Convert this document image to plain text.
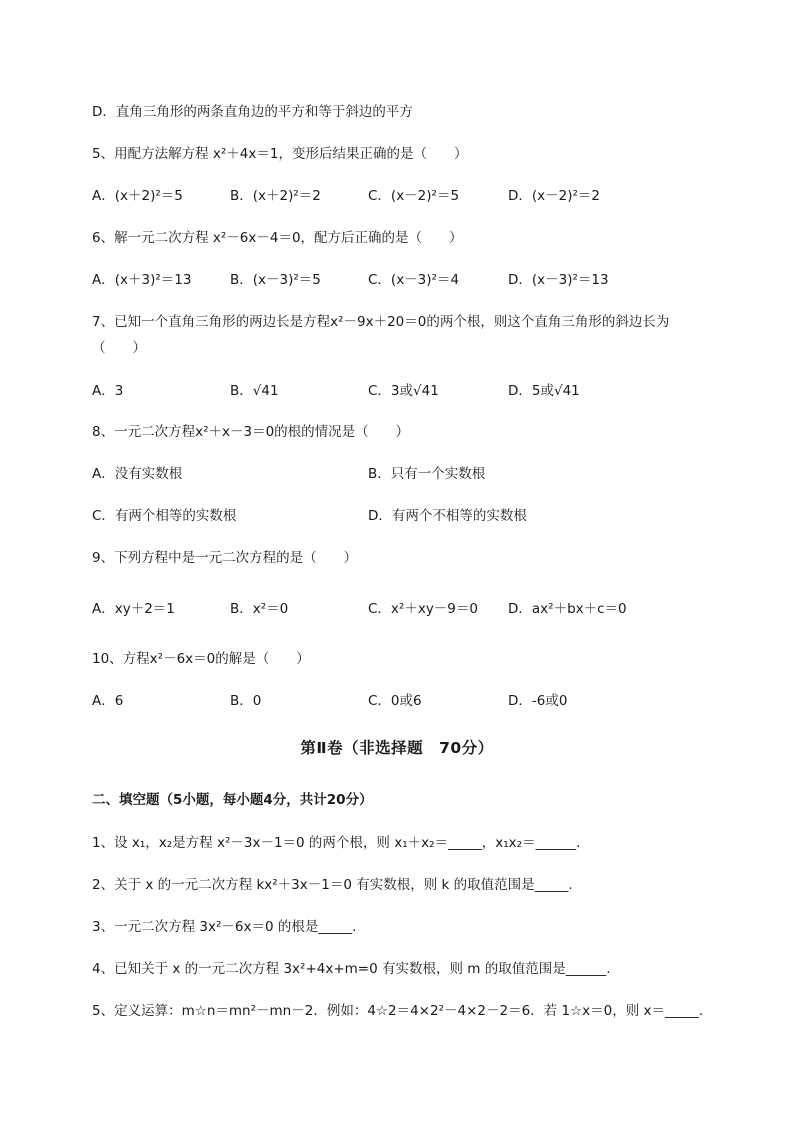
D．直角三角形的两条直角边的平方和等于斜边的平方
5、用配方法解方程 x²＋4x＝1，变形后结果正确的是（　　）
A．(x＋2)²＝5	B．(x＋2)²＝2	C．(x－2)²＝5	D．(x－2)²＝2
6、解一元二次方程 x²－6x－4＝0，配方后正确的是（　　）
A．(x＋3)²＝13	B．(x－3)²＝5	C．(x－3)²＝4	D．(x－3)²＝13
7、已知一个直角三角形的两边长是方程x²－9x＋20＝0的两个根，则这个直角三角形的斜边长为
（　　）
A．3	B．√41	C．3或√41	D．5或√41
8、一元二次方程x²＋x－3＝0的根的情况是（　　）
A．没有实数根	B．只有一个实数根
C．有两个相等的实数根	D．有两个不相等的实数根
9、下列方程中是一元二次方程的是（　　）
A．xy＋2＝1	B．x²＝0	C．x²＋xy－9＝0 D．ax²＋bx＋c＝0
10、方程x²－6x＝0的解是（　　）
A．6	B．0	C．0或6	D．-6或0
第Ⅱ卷（非选择题　70分）
二、填空题（5小题，每小题4分，共计20分）
1、设 x₁，x₂是方程 x²－3x－1＝0 的两个根，则 x₁＋x₂＝_____，x₁x₂＝______.
2、关于 x 的一元二次方程 kx²＋3x－1＝0 有实数根，则 k 的取值范围是_____.
3、一元二次方程 3x²－6x＝0 的根是_____.
4、已知关于 x 的一元二次方程 3x²+4x+m=0 有实数根，则 m 的取值范围是______.
5、定义运算：m☆n＝mn²－mn－2．例如：4☆2＝4×2²－4×2－2＝6．若 1☆x＝0，则 x＝_____.
